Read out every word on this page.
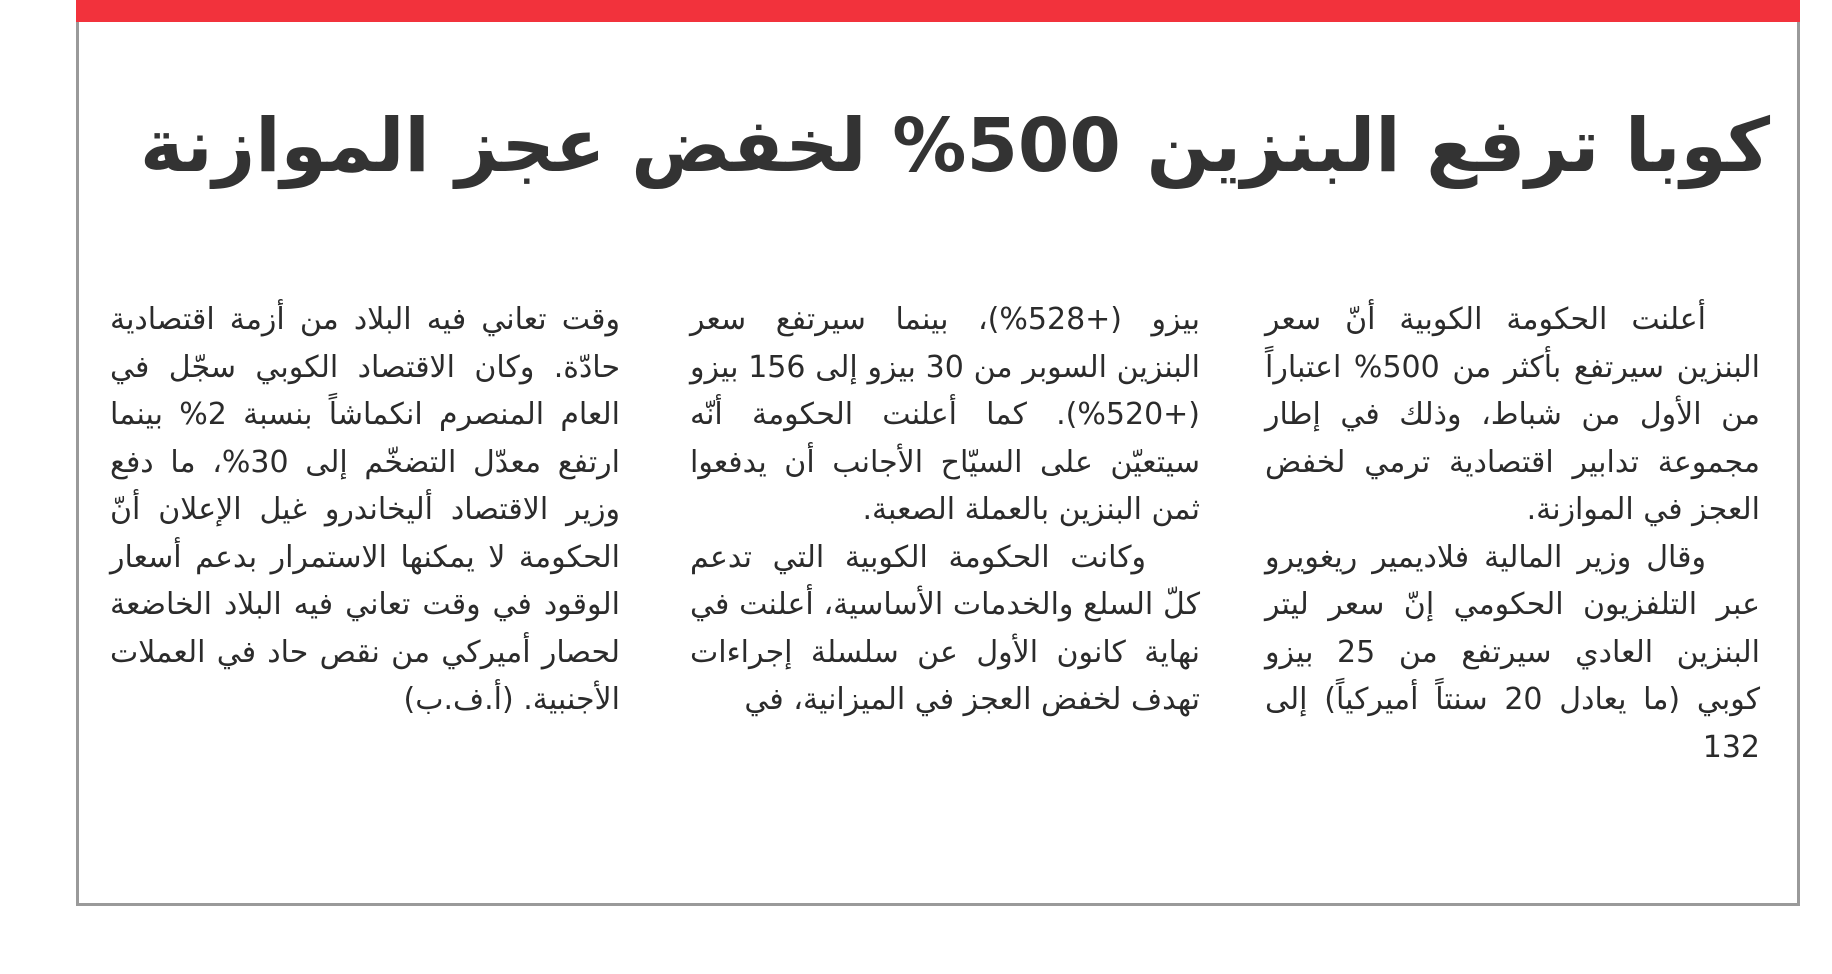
كوبا ترفع البنزين 500% لخفض عجز الموازنة

أعلنت الحكومة الكوبية أنّ سعر البنزين سيرتفع بأكثر من 500% اعتباراً من الأول من شباط، وذلك في إطار مجموعة تدابير اقتصادية ترمي لخفض العجز في الموازنة.

وقال وزير المالية فلاديمير ريغويرو عبر التلفزيون الحكومي إنّ سعر ليتر البنزين العادي سيرتفع من 25 بيزو كوبي (ما يعادل 20 سنتاً أميركياً) إلى 132

بيزو (+528%)، بينما سيرتفع سعر البنزين السوبر من 30 بيزو إلى 156 بيزو (+520%). كما أعلنت الحكومة أنّه سيتعيّن على السيّاح الأجانب أن يدفعوا ثمن البنزين بالعملة الصعبة.

وكانت الحكومة الكوبية التي تدعم كلّ السلع والخدمات الأساسية، أعلنت في نهاية كانون الأول عن سلسلة إجراءات تهدف لخفض العجز في الميزانية، في

وقت تعاني فيه البلاد من أزمة اقتصادية حادّة. وكان الاقتصاد الكوبي سجّل في العام المنصرم انكماشاً بنسبة 2% بينما ارتفع معدّل التضخّم إلى 30%، ما دفع وزير الاقتصاد أليخاندرو غيل الإعلان أنّ الحكومة لا يمكنها الاستمرار بدعم أسعار الوقود في وقت تعاني فيه البلاد الخاضعة لحصار أميركي من نقص حاد في العملات الأجنبية. (أ.ف.ب)
